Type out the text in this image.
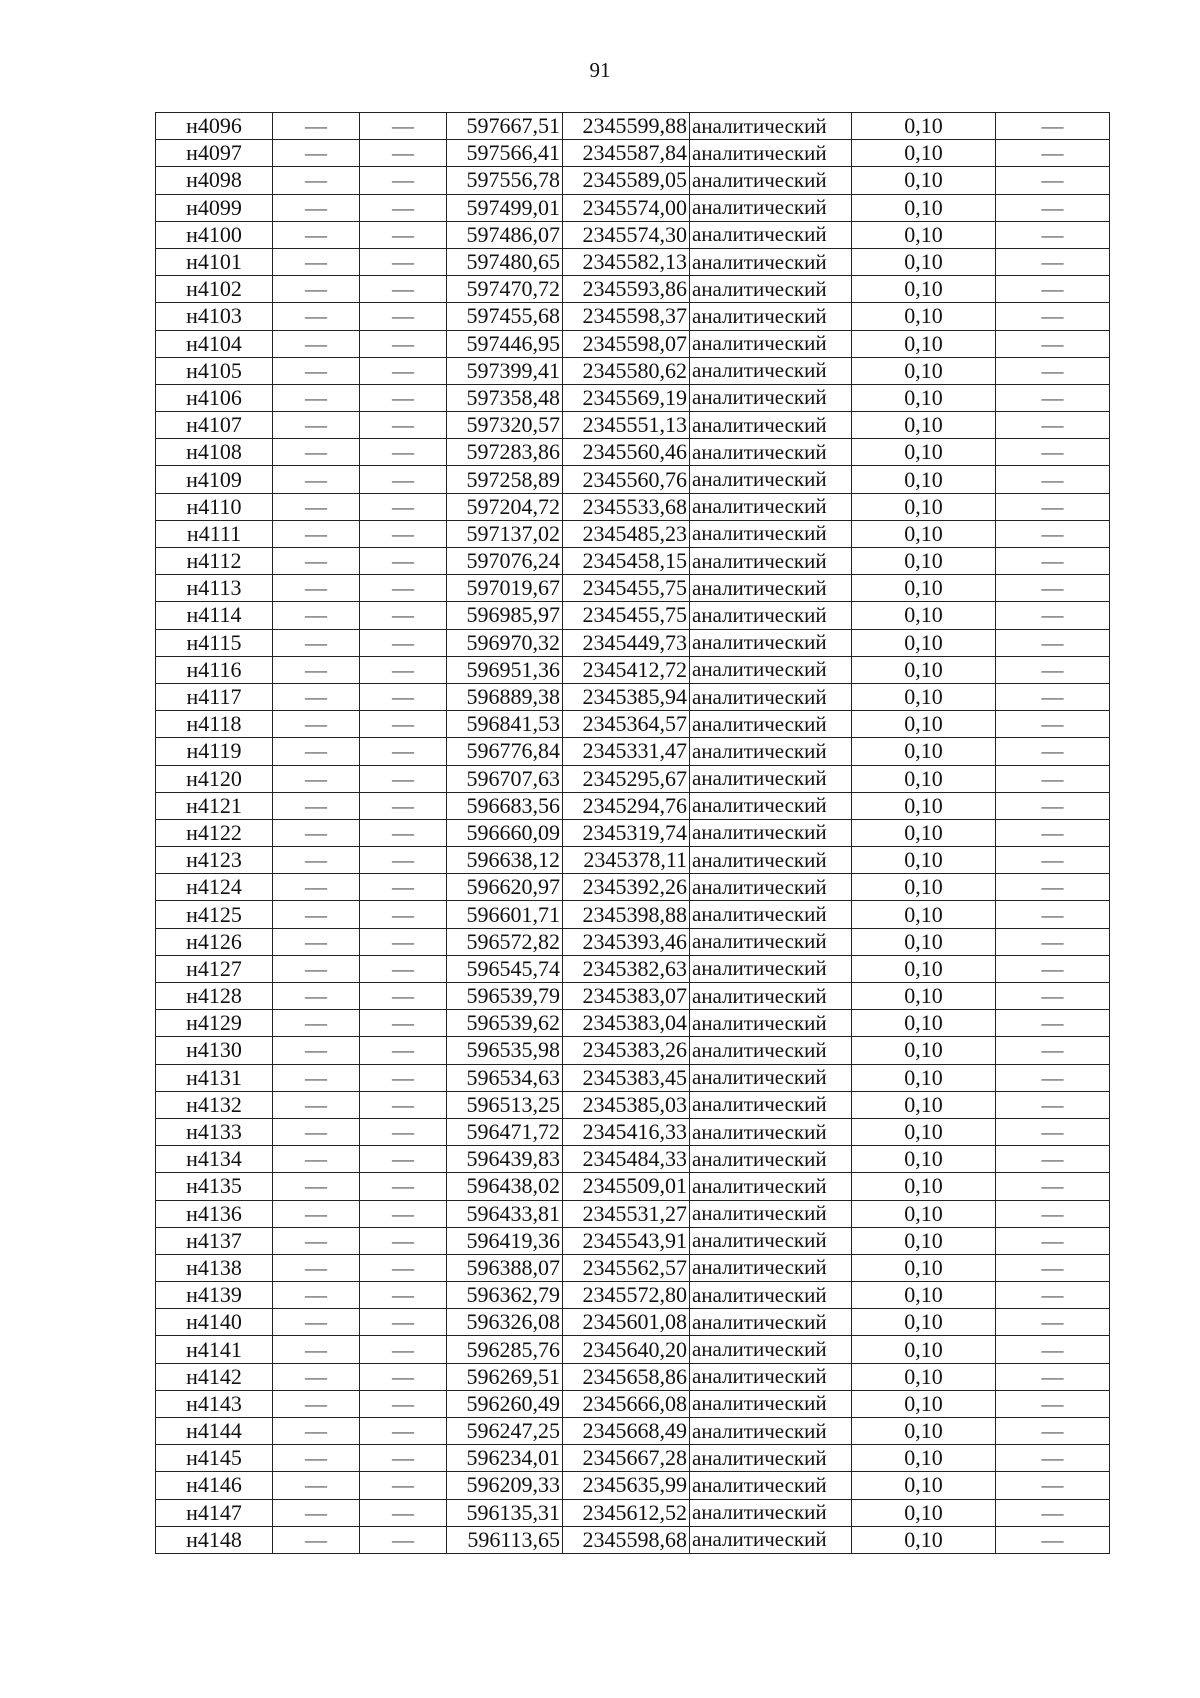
91
н4096	—	—	597667,51	2345599,88	аналитический	0,10	—
н4097	—	—	597566,41	2345587,84	аналитический	0,10	—
н4098	—	—	597556,78	2345589,05	аналитический	0,10	—
н4099	—	—	597499,01	2345574,00	аналитический	0,10	—
н4100	—	—	597486,07	2345574,30	аналитический	0,10	—
н4101	—	—	597480,65	2345582,13	аналитический	0,10	—
н4102	—	—	597470,72	2345593,86	аналитический	0,10	—
н4103	—	—	597455,68	2345598,37	аналитический	0,10	—
н4104	—	—	597446,95	2345598,07	аналитический	0,10	—
н4105	—	—	597399,41	2345580,62	аналитический	0,10	—
н4106	—	—	597358,48	2345569,19	аналитический	0,10	—
н4107	—	—	597320,57	2345551,13	аналитический	0,10	—
н4108	—	—	597283,86	2345560,46	аналитический	0,10	—
н4109	—	—	597258,89	2345560,76	аналитический	0,10	—
н4110	—	—	597204,72	2345533,68	аналитический	0,10	—
н4111	—	—	597137,02	2345485,23	аналитический	0,10	—
н4112	—	—	597076,24	2345458,15	аналитический	0,10	—
н4113	—	—	597019,67	2345455,75	аналитический	0,10	—
н4114	—	—	596985,97	2345455,75	аналитический	0,10	—
н4115	—	—	596970,32	2345449,73	аналитический	0,10	—
н4116	—	—	596951,36	2345412,72	аналитический	0,10	—
н4117	—	—	596889,38	2345385,94	аналитический	0,10	—
н4118	—	—	596841,53	2345364,57	аналитический	0,10	—
н4119	—	—	596776,84	2345331,47	аналитический	0,10	—
н4120	—	—	596707,63	2345295,67	аналитический	0,10	—
н4121	—	—	596683,56	2345294,76	аналитический	0,10	—
н4122	—	—	596660,09	2345319,74	аналитический	0,10	—
н4123	—	—	596638,12	2345378,11	аналитический	0,10	—
н4124	—	—	596620,97	2345392,26	аналитический	0,10	—
н4125	—	—	596601,71	2345398,88	аналитический	0,10	—
н4126	—	—	596572,82	2345393,46	аналитический	0,10	—
н4127	—	—	596545,74	2345382,63	аналитический	0,10	—
н4128	—	—	596539,79	2345383,07	аналитический	0,10	—
н4129	—	—	596539,62	2345383,04	аналитический	0,10	—
н4130	—	—	596535,98	2345383,26	аналитический	0,10	—
н4131	—	—	596534,63	2345383,45	аналитический	0,10	—
н4132	—	—	596513,25	2345385,03	аналитический	0,10	—
н4133	—	—	596471,72	2345416,33	аналитический	0,10	—
н4134	—	—	596439,83	2345484,33	аналитический	0,10	—
н4135	—	—	596438,02	2345509,01	аналитический	0,10	—
н4136	—	—	596433,81	2345531,27	аналитический	0,10	—
н4137	—	—	596419,36	2345543,91	аналитический	0,10	—
н4138	—	—	596388,07	2345562,57	аналитический	0,10	—
н4139	—	—	596362,79	2345572,80	аналитический	0,10	—
н4140	—	—	596326,08	2345601,08	аналитический	0,10	—
н4141	—	—	596285,76	2345640,20	аналитический	0,10	—
н4142	—	—	596269,51	2345658,86	аналитический	0,10	—
н4143	—	—	596260,49	2345666,08	аналитический	0,10	—
н4144	—	—	596247,25	2345668,49	аналитический	0,10	—
н4145	—	—	596234,01	2345667,28	аналитический	0,10	—
н4146	—	—	596209,33	2345635,99	аналитический	0,10	—
н4147	—	—	596135,31	2345612,52	аналитический	0,10	—
н4148	—	—	596113,65	2345598,68	аналитический	0,10	—
